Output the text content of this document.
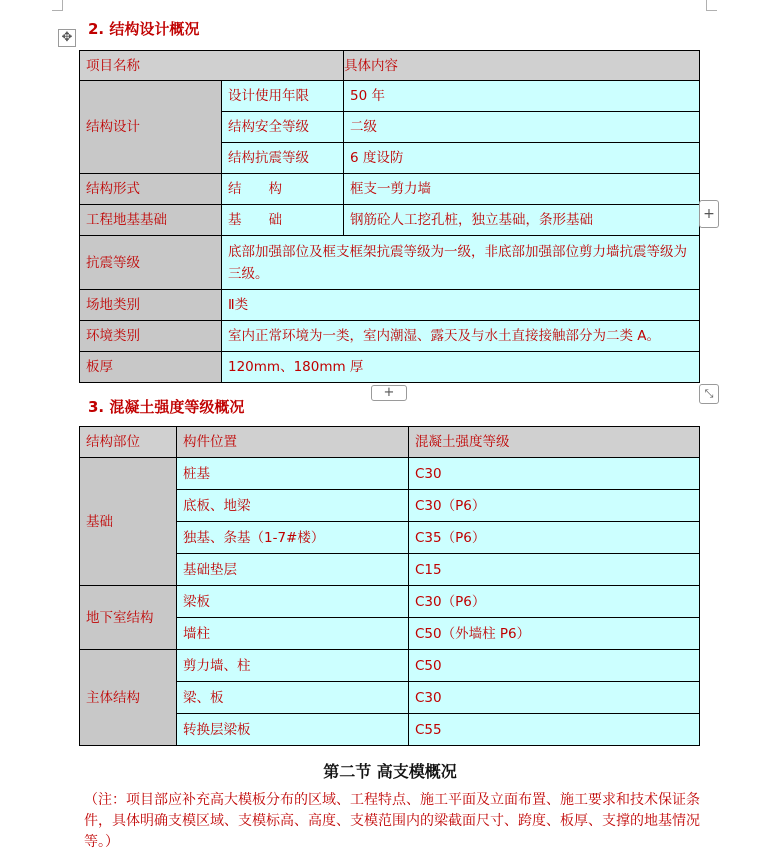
✥ 2. 结构设计概况
项目名称		具体内容
结构设计	设计使用年限	50 年
	结构安全等级	二级
	结构抗震等级	6 度设防
结构形式	结　　构	框支一剪力墙
工程地基基础	基　　础	钢筋砼人工挖孔桩，独立基础，条形基础
抗震等级	底部加强部位及框支框架抗震等级为一级，非底部加强部位剪力墙抗震等级为三级。	
场地类别	Ⅱ类	
环境类别	室内正常环境为一类，室内潮湿、露天及与水土直接接触部分为二类 A。	
板厚	120mm、180mm 厚	
+
+	⤡
3. 混凝土强度等级概况
结构部位	构件位置	混凝土强度等级
基础	桩基	C30
	底板、地梁	C30（P6）
	独基、条基（1-7#楼）	C35（P6）
	基础垫层	C15
地下室结构	梁板	C30（P6）
	墙柱	C50（外墙柱 P6）
主体结构	剪力墙、柱	C50
	梁、板	C30
	转换层梁板	C55
第二节 高支模概况
（注：项目部应补充高大模板分布的区域、工程特点、施工平面及立面布置、施工要求和技术保证条件，具体明确支模区域、支模标高、高度、支模范围内的梁截面尺寸、跨度、板厚、支撑的地基情况等。）
